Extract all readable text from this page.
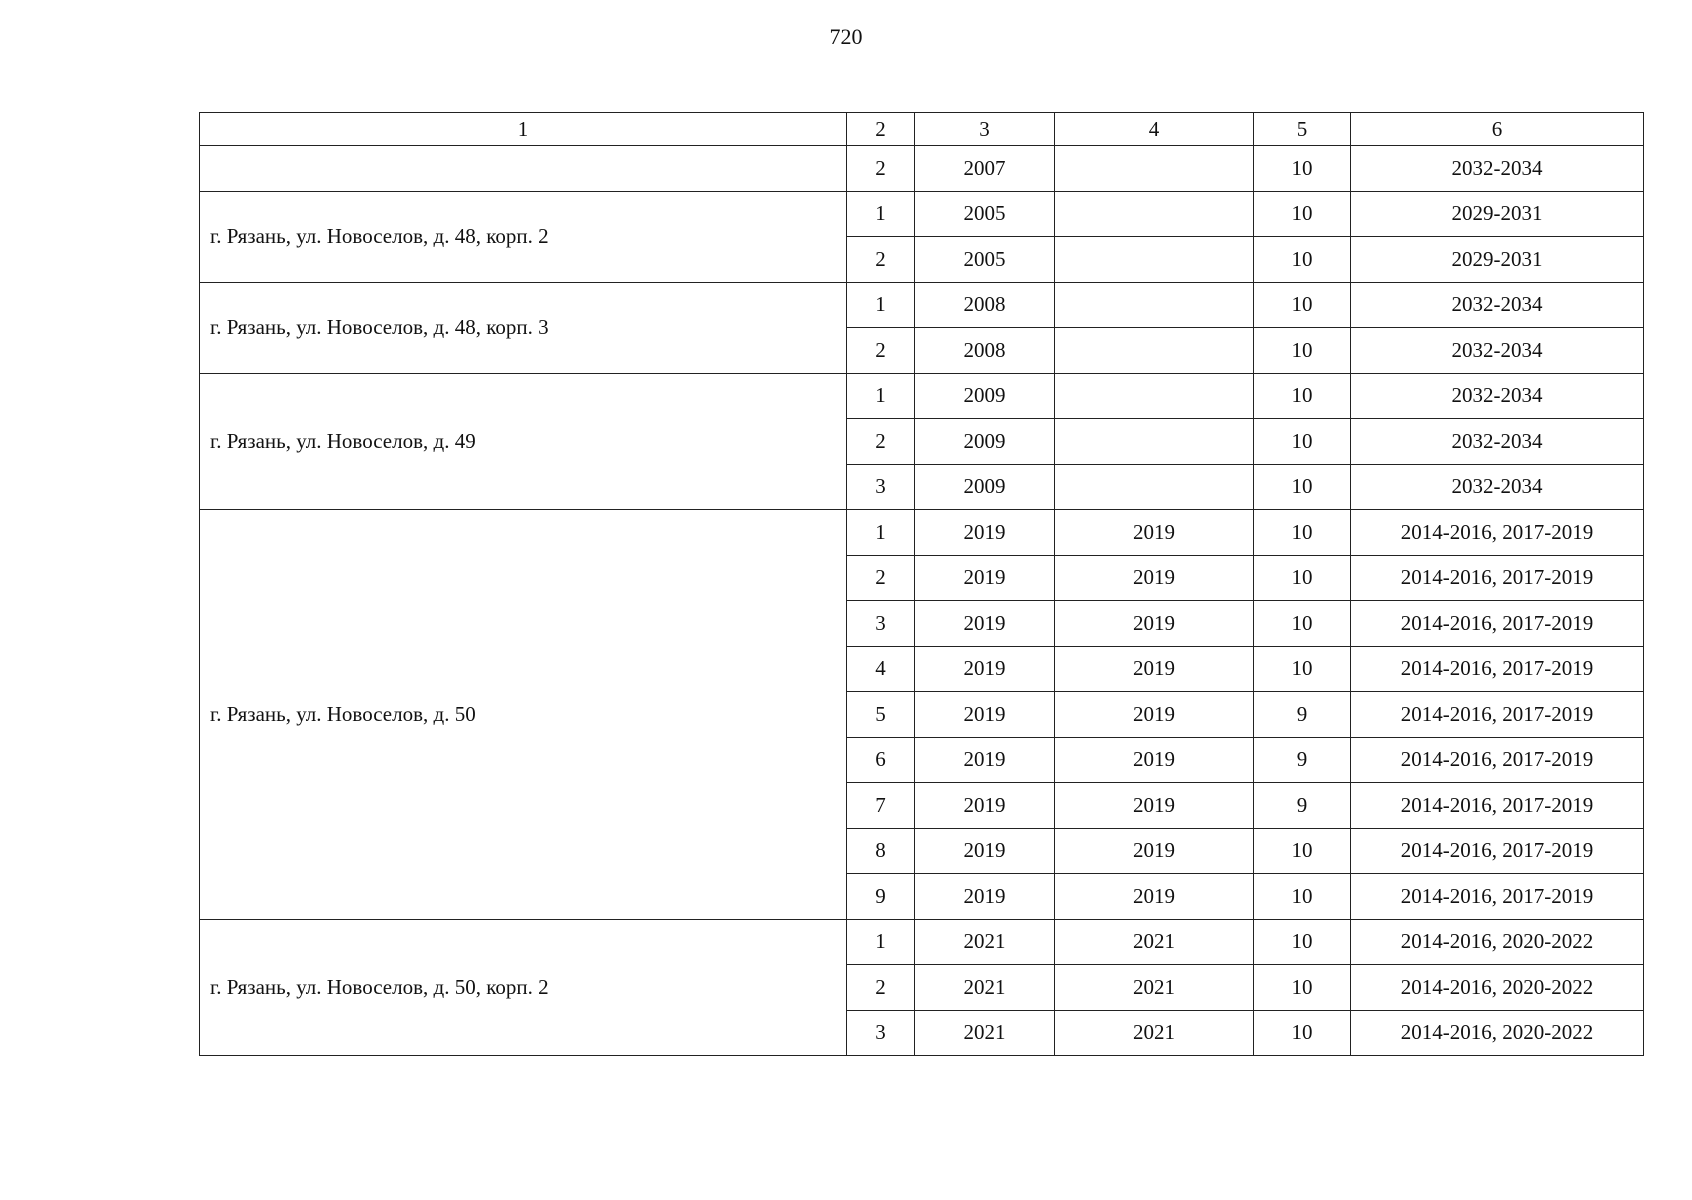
720
1	2	3	4	5	6
	2	2007		10	2032-2034
г. Рязань, ул. Новоселов, д. 48, корп. 2	1	2005		10	2029-2031
	2	2005		10	2029-2031
г. Рязань, ул. Новоселов, д. 48, корп. 3	1	2008		10	2032-2034
	2	2008		10	2032-2034
г. Рязань, ул. Новоселов, д. 49	1	2009		10	2032-2034
	2	2009		10	2032-2034
	3	2009		10	2032-2034
г. Рязань, ул. Новоселов, д. 50	1	2019	2019	10	2014-2016, 2017-2019
	2	2019	2019	10	2014-2016, 2017-2019
	3	2019	2019	10	2014-2016, 2017-2019
	4	2019	2019	10	2014-2016, 2017-2019
	5	2019	2019	9	2014-2016, 2017-2019
	6	2019	2019	9	2014-2016, 2017-2019
	7	2019	2019	9	2014-2016, 2017-2019
	8	2019	2019	10	2014-2016, 2017-2019
	9	2019	2019	10	2014-2016, 2017-2019
г. Рязань, ул. Новоселов, д. 50, корп. 2	1	2021	2021	10	2014-2016, 2020-2022
	2	2021	2021	10	2014-2016, 2020-2022
	3	2021	2021	10	2014-2016, 2020-2022
